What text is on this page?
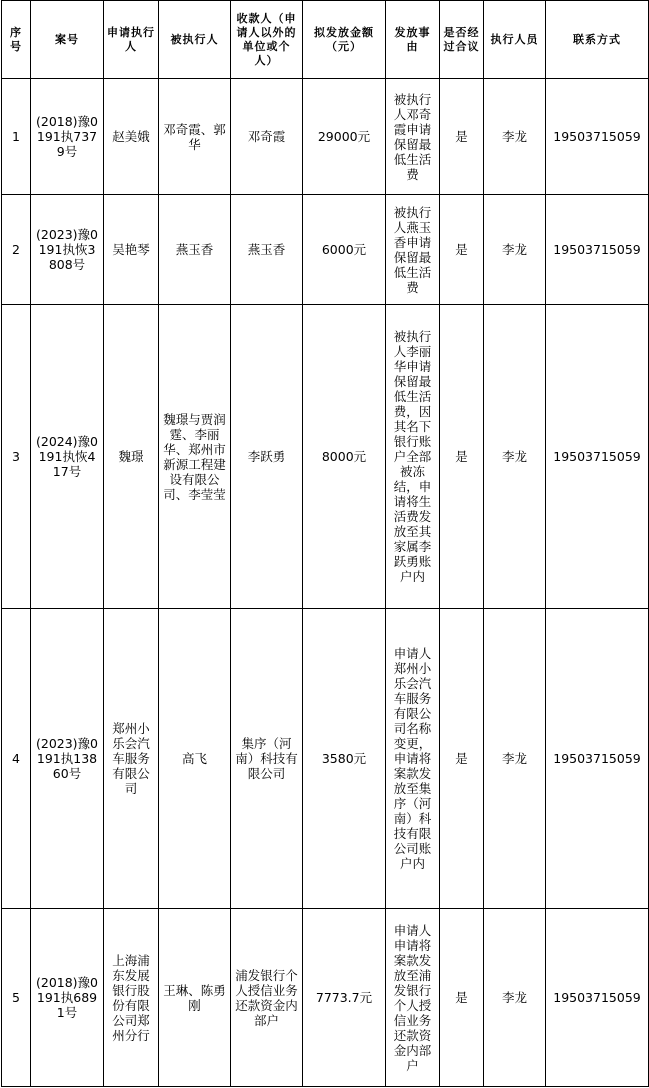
序号	案号	申请执行人	被执行人	收款人（申请人以外的单位或个人）	拟发放金额（元）	发放事由	是否经过合议	执行人员	联系方式
1	(2018)豫0191执7379号	赵美娥	邓奇霞、郭华	邓奇霞	29000元	被执行人邓奇霞申请保留最低生活费	是	李龙	19503715059
2	(2023)豫0191执恢3808号	吴艳琴	燕玉香	燕玉香	6000元	被执行人燕玉香申请保留最低生活费	是	李龙	19503715059
3	(2024)豫0191执恢417号	魏璟	魏璟与贾润霆、李丽华、郑州市新源工程建设有限公司、李莹莹	李跃勇	8000元	被执行人李丽华申请保留最低生活费，因其名下银行账户全部被冻结，申请将生活费发放至其家属李跃勇账户内	是	李龙	19503715059
4	(2023)豫0191执13860号	郑州小乐会汽车服务有限公司	高飞	集序（河南）科技有限公司	3580元	申请人郑州小乐会汽车服务有限公司名称变更，申请将案款发放至集序（河南）科技有限公司账户内	是	李龙	19503715059
5	(2018)豫0191执6891号	上海浦东发展银行股份有限公司郑州分行	王琳、陈勇刚	浦发银行个人授信业务还款资金内部户	7773.7元	申请人申请将案款发放至浦发银行个人授信业务还款资金内部户	是	李龙	19503715059
